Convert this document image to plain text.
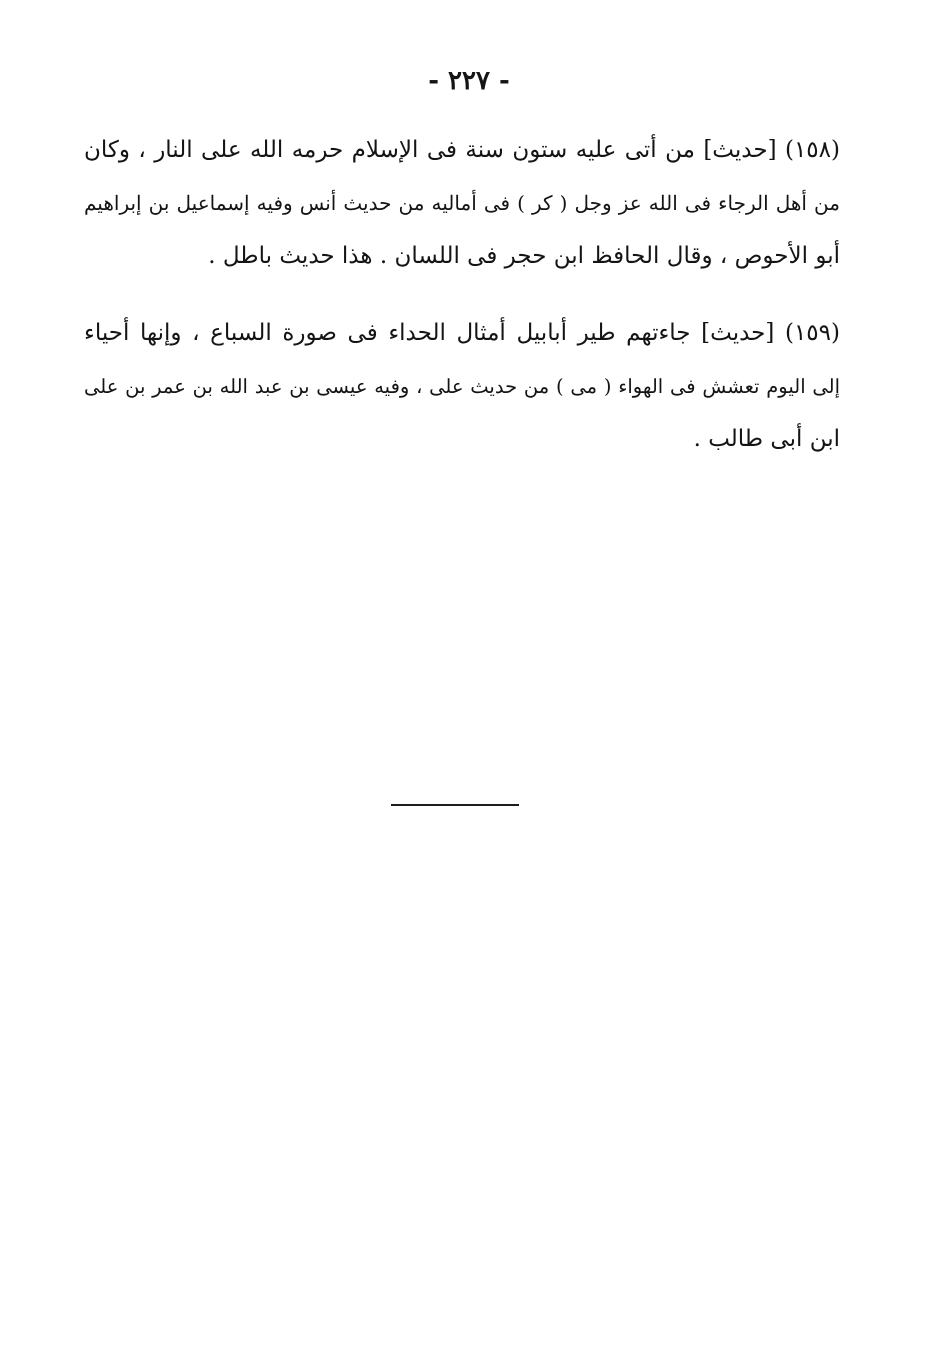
- ٢٢٧ -
(١٥٨) [حديث] من أتى عليه ستون سنة فى الإسلام حرمه الله على النار ، وكان
من أهل الرجاء فى الله عز وجل ( كر ) فى أماليه من حديث أنس وفيه إسماعيل بن إبراهيم
أبو الأحوص ، وقال الحافظ ابن حجر فى اللسان . هذا حديث باطل .
(١٥٩) [حديث] جاءتهم طير أبابيل أمثال الحداء فى صورة السباع ، وإنها أحياء
إلى اليوم تعشش فى الهواء ( مى ) من حديث على ، وفيه عيسى بن عبد الله بن عمر بن على
ابن أبى طالب .
